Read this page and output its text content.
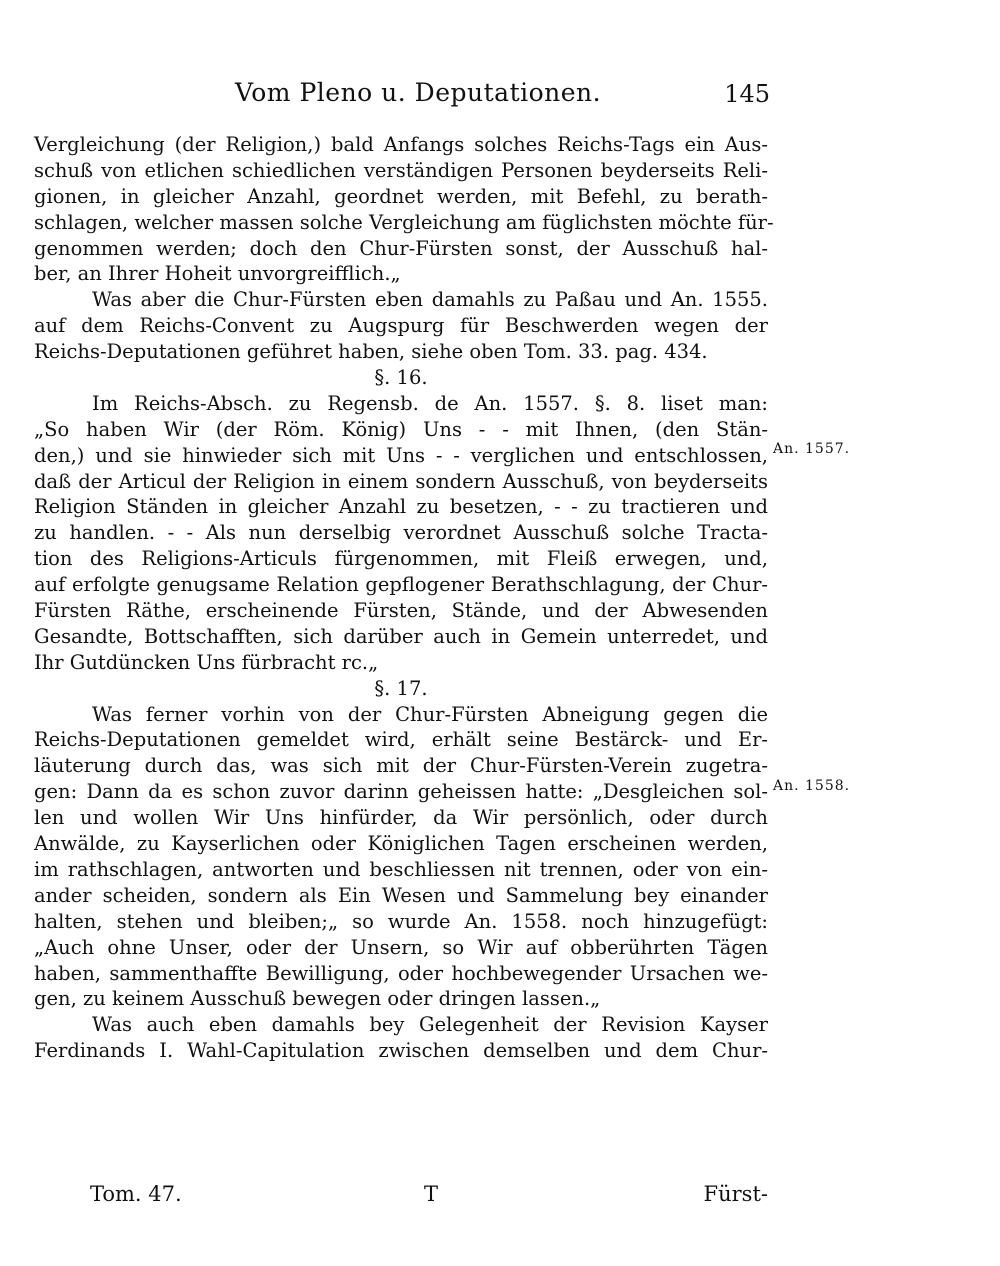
Vom Pleno u. Deputationen.	145
Vergleichung (der Religion,) bald Anfangs solches Reichs-Tags ein Aus-
schuß von etlichen schiedlichen verständigen Personen beyderseits Reli-
gionen, in gleicher Anzahl, geordnet werden, mit Befehl, zu berath-
schlagen, welcher massen solche Vergleichung am füglichsten möchte für-
genommen werden; doch den Chur-Fürsten sonst, der Ausschuß hal-
ber, an Ihrer Hoheit unvorgreifflich.„
Was aber die Chur-Fürsten eben damahls zu Paßau und An. 1555.
auf dem Reichs-Convent zu Augspurg für Beschwerden wegen der
Reichs-Deputationen geführet haben, siehe oben Tom. 33. pag. 434.
§. 16.
Im Reichs-Absch. zu Regensb. de An. 1557. §. 8. liset man:
„So haben Wir (der Röm. König) Uns - - mit Ihnen, (den Stän-
den,) und sie hinwieder sich mit Uns - - verglichen und entschlossen,
daß der Articul der Religion in einem sondern Ausschuß, von beyderseits
Religion Ständen in gleicher Anzahl zu besetzen, - - zu tractieren und
zu handlen. - - Als nun derselbig verordnet Ausschuß solche Tracta-
tion des Religions-Articuls fürgenommen, mit Fleiß erwegen, und,
auf erfolgte genugsame Relation gepflogener Berathschlagung, der Chur-
Fürsten Räthe, erscheinende Fürsten, Stände, und der Abwesenden
Gesandte, Bottschafften, sich darüber auch in Gemein unterredet, und
Ihr Gutdüncken Uns fürbracht rc.„
§. 17.
Was ferner vorhin von der Chur-Fürsten Abneigung gegen die
Reichs-Deputationen gemeldet wird, erhält seine Bestärck- und Er-
läuterung durch das, was sich mit der Chur-Fürsten-Verein zugetra-
gen: Dann da es schon zuvor darinn geheissen hatte: „Desgleichen sol-
len und wollen Wir Uns hinfürder, da Wir persönlich, oder durch
Anwälde, zu Kayserlichen oder Königlichen Tagen erscheinen werden,
im rathschlagen, antworten und beschliessen nit trennen, oder von ein-
ander scheiden, sondern als Ein Wesen und Sammelung bey einander
halten, stehen und bleiben;„ so wurde An. 1558. noch hinzugefügt:
„Auch ohne Unser, oder der Unsern, so Wir auf obberührten Tägen
haben, sammenthaffte Bewilligung, oder hochbewegender Ursachen we-
gen, zu keinem Ausschuß bewegen oder dringen lassen.„
Was auch eben damahls bey Gelegenheit der Revision Kayser
Ferdinands I. Wahl-Capitulation zwischen demselben und dem Chur-
An. 1557.
An. 1558.
Tom. 47.	T	Fürst-
